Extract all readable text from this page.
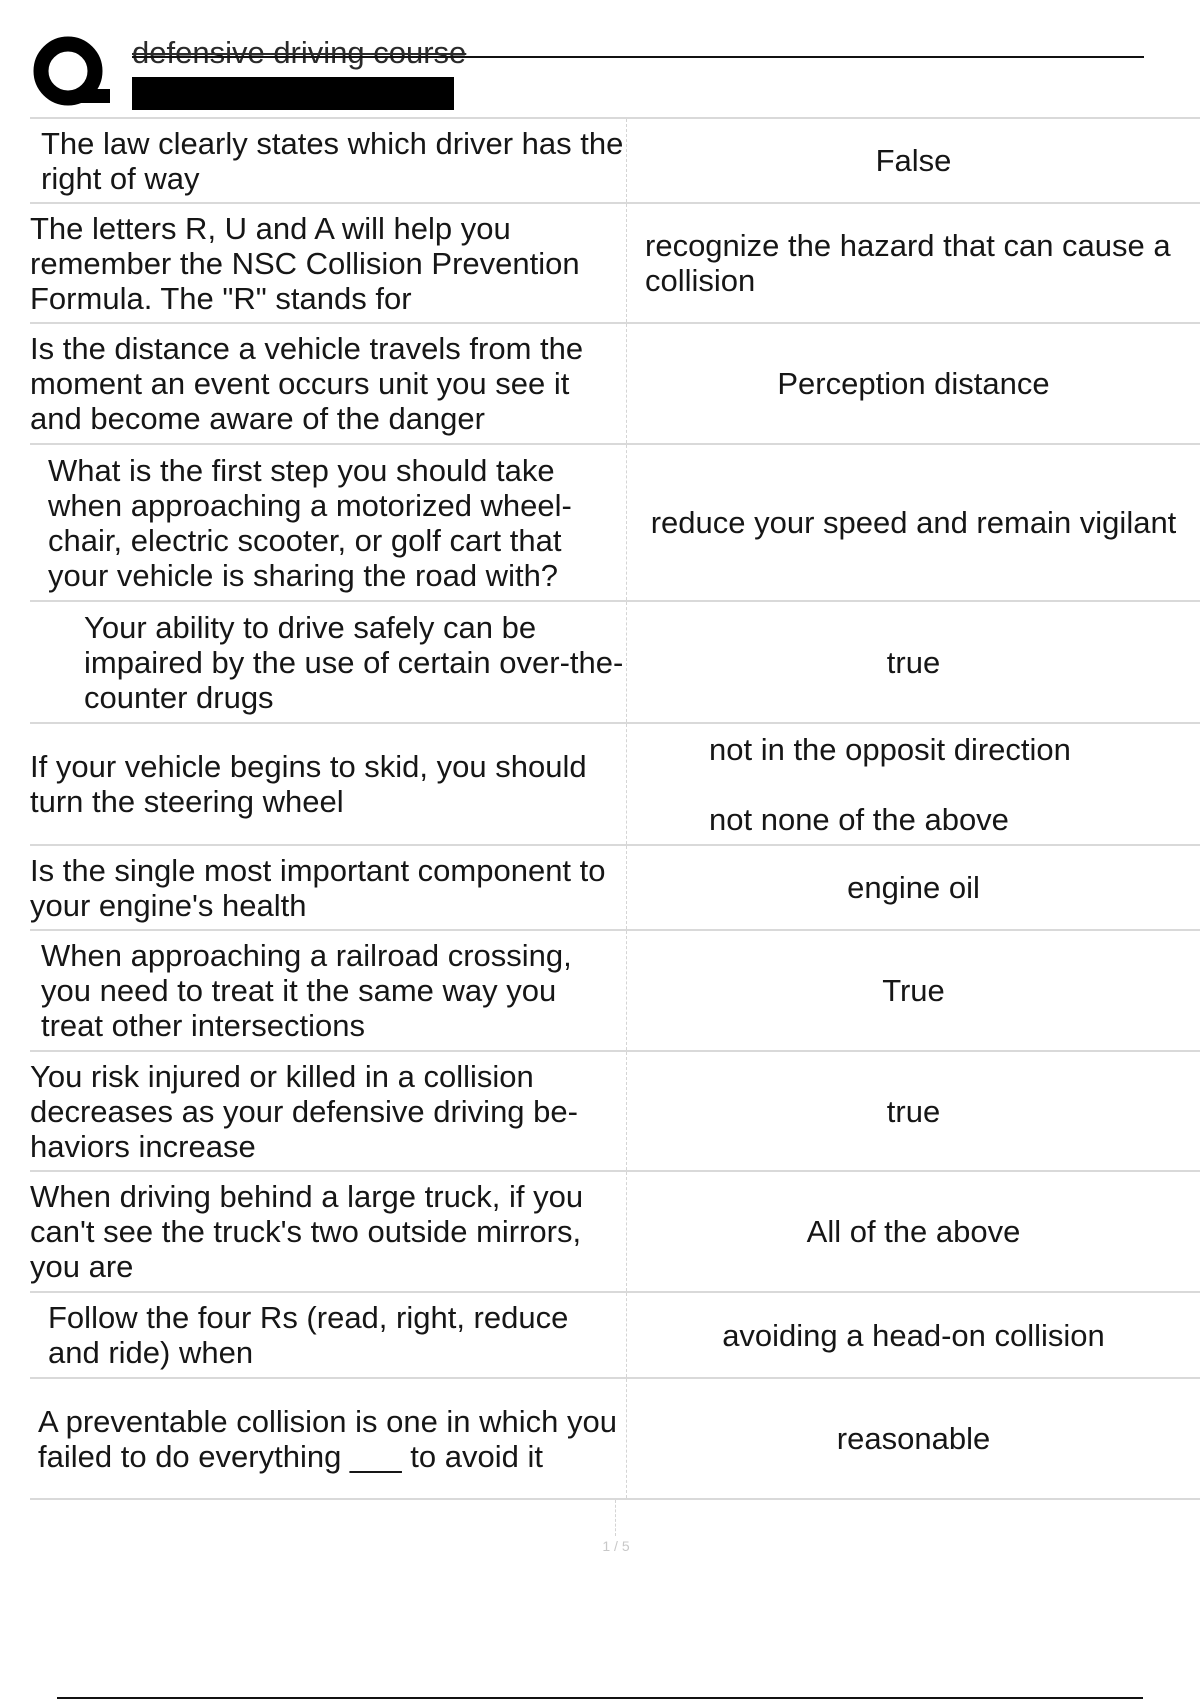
defensive driving course
The law clearly states which driver has the right of way	False
The letters R, U and A will help you remember the NSC Collision Prevention Formula. The "R" stands for	recognize the hazard that can cause a collision
Is the distance a vehicle travels from the moment an event occurs unit you see it and become aware of the danger	Perception distance
What is the first step you should take when approaching a motorized wheel- chair, electric scooter, or golf cart that your vehicle is sharing the road with?	reduce your speed and remain vigilant
Your ability to drive safely can be impaired by the use of certain over-the-counter drugs	true
If your vehicle begins to skid, you should turn the steering wheel	not in the opposit direction
not none of the above

Is the single most important component to your engine's health	engine oil
When approaching a railroad crossing, you need to treat it the same way you treat other intersections	True
You risk injured or killed in a collision decreases as your defensive driving be- haviors increase	true
When driving behind a large truck, if you can't see the truck's two outside mirrors, you are	All of the above
Follow the four Rs (read, right, reduce and ride) when	avoiding a head-on collision
A preventable collision is one in which you failed to do everything ___ to avoid it	reasonable
1 / 5
